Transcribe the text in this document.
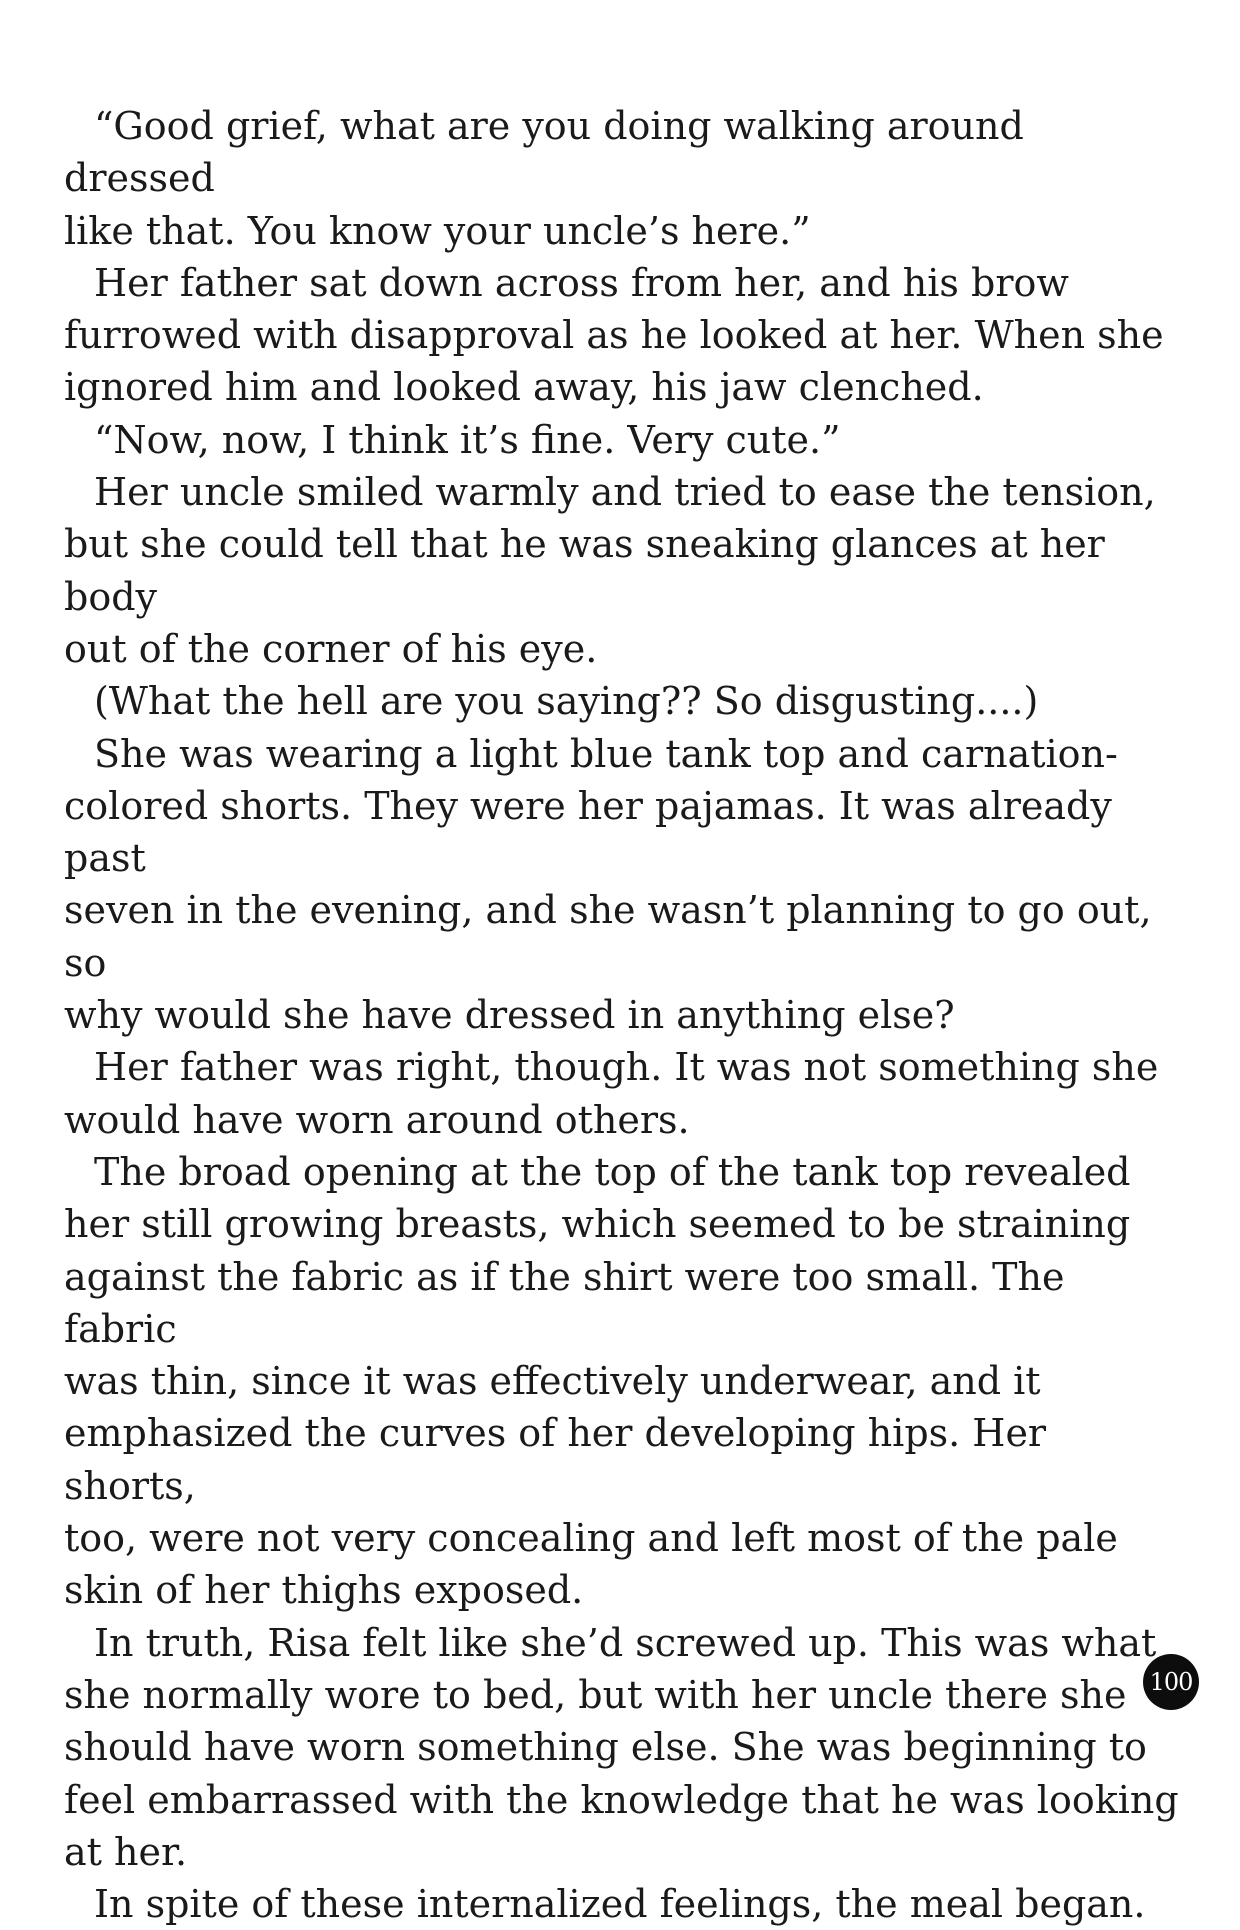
“Good grief, what are you doing walking around dressed
like that. You know your uncle’s here.”

Her father sat down across from her, and his brow
furrowed with disapproval as he looked at her. When she
ignored him and looked away, his jaw clenched.

“Now, now, I think it’s fine. Very cute.”

Her uncle smiled warmly and tried to ease the tension,
but she could tell that he was sneaking glances at her body
out of the corner of his eye.

(What the hell are you saying?? So disgusting....)

She was wearing a light blue tank top and carnation-
colored shorts. They were her pajamas. It was already past
seven in the evening, and she wasn’t planning to go out, so
why would she have dressed in anything else?

Her father was right, though. It was not something she
would have worn around others.

The broad opening at the top of the tank top revealed
her still growing breasts, which seemed to be straining
against the fabric as if the shirt were too small. The fabric
was thin, since it was effectively underwear, and it
emphasized the curves of her developing hips. Her shorts,
too, were not very concealing and left most of the pale
skin of her thighs exposed.

In truth, Risa felt like she’d screwed up. This was what
she normally wore to bed, but with her uncle there she
should have worn something else. She was beginning to
feel embarrassed with the knowledge that he was looking
at her.

In spite of these internalized feelings, the meal began.

100
